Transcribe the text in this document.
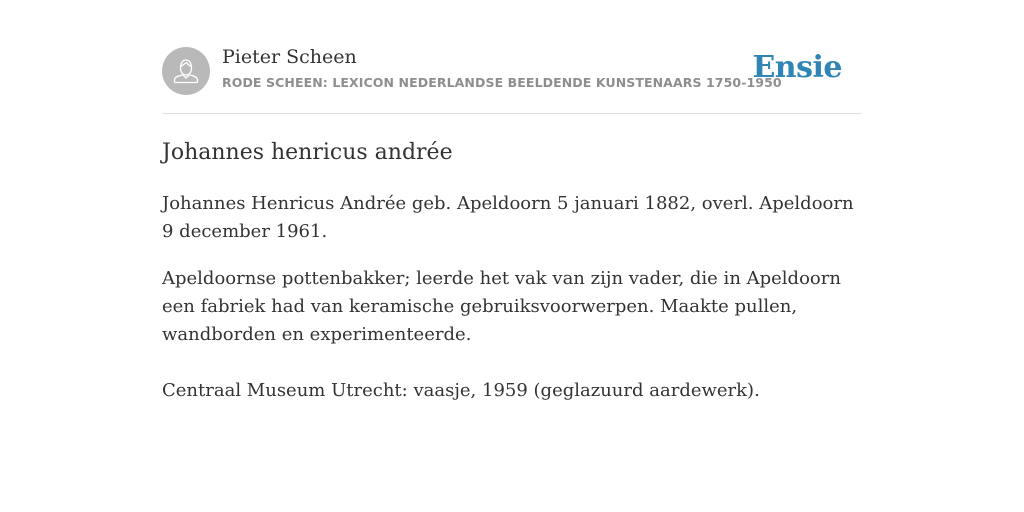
Pieter Scheen
RODE SCHEEN: LEXICON NEDERLANDSE BEELDENDE KUNSTENAARS 1750-1950
Ensie
Johannes henricus andrée

Johannes Henricus Andrée geb. Apeldoorn 5 januari 1882, overl. Apeldoorn 9 december 1961.

Apeldoornse pottenbakker; leerde het vak van zijn vader, die in Apeldoorn een fabriek had van keramische gebruiksvoorwerpen. Maakte pullen, wandborden en experimenteerde.

Centraal Museum Utrecht: vaasje, 1959 (geglazuurd aardewerk).
